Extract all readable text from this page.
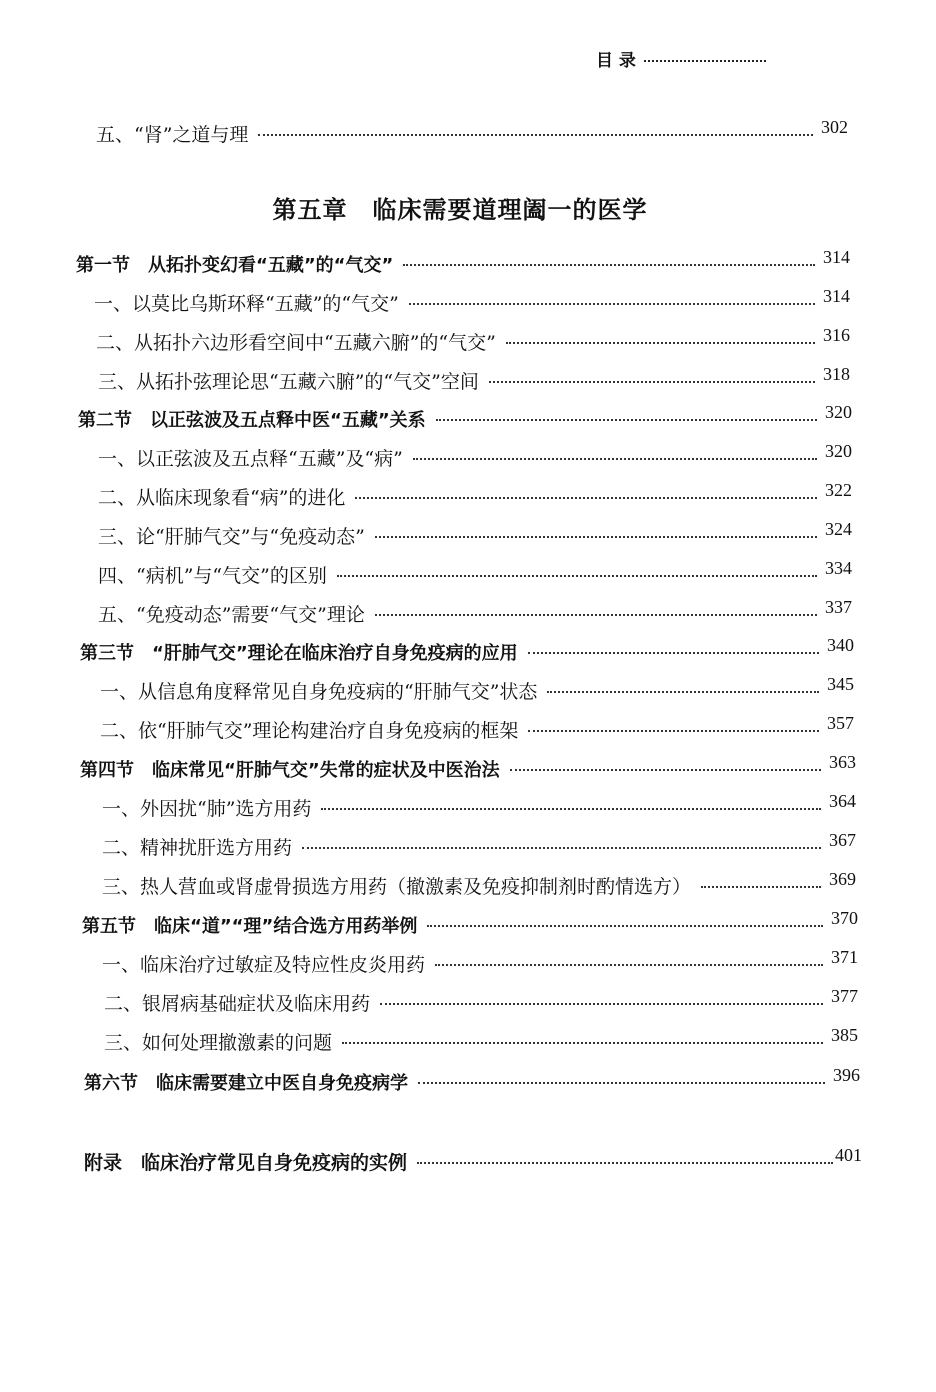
目 录
五、“肾”之道与理	302
第五章　临床需要道理阖一的医学
第一节　从拓扑变幻看“五藏”的“气交”	314
一、以莫比乌斯环释“五藏”的“气交”	314
二、从拓扑六边形看空间中“五藏六腑”的“气交”	316
三、从拓扑弦理论思“五藏六腑”的“气交”空间	318
第二节　以正弦波及五点释中医“五藏”关系	320
一、以正弦波及五点释“五藏”及“病”	320
二、从临床现象看“病”的进化	322
三、论“肝肺气交”与“免疫动态”	324
四、“病机”与“气交”的区别	334
五、“免疫动态”需要“气交”理论	337
第三节　“肝肺气交”理论在临床治疗自身免疫病的应用	340
一、从信息角度释常见自身免疫病的“肝肺气交”状态	345
二、依“肝肺气交”理论构建治疗自身免疫病的框架	357
第四节　临床常见“肝肺气交”失常的症状及中医治法	363
一、外因扰“肺”选方用药	364
二、精神扰肝选方用药	367
三、热人营血或肾虚骨损选方用药（撤激素及免疫抑制剂时酌情选方）	369
第五节　临床“道”“理”结合选方用药举例	370
一、临床治疗过敏症及特应性皮炎用药	371
二、银屑病基础症状及临床用药	377
三、如何处理撤激素的问题	385
第六节　临床需要建立中医自身免疫病学	396
附录　临床治疗常见自身免疫病的实例	401
